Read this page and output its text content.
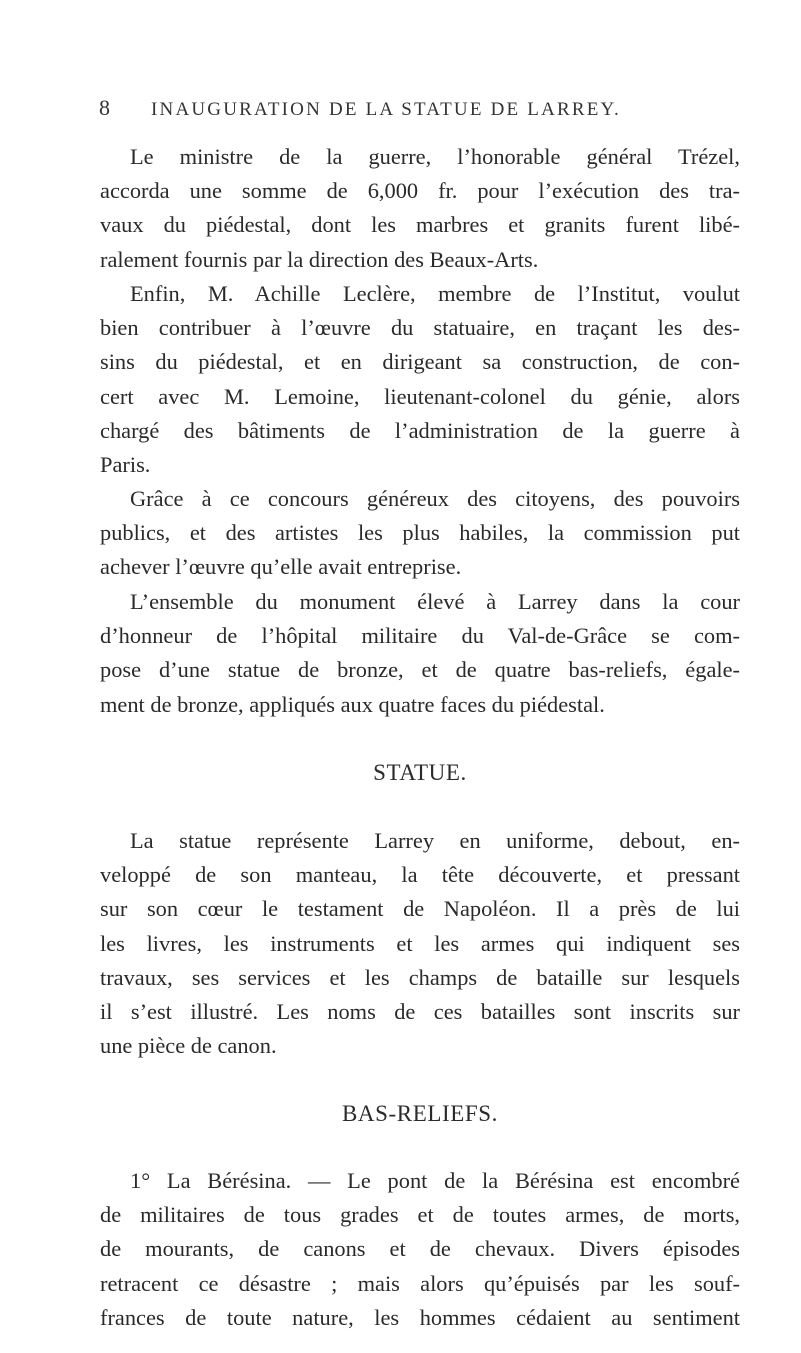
8 INAUGURATION DE LA STATUE DE LARREY.
Le ministre de la guerre, l’honorable général Trézel,
accorda une somme de 6,000 fr. pour l’exécution des tra-
vaux du piédestal, dont les marbres et granits furent libé-
ralement fournis par la direction des Beaux-Arts.
Enfin, M. Achille Leclère, membre de l’Institut, voulut
bien contribuer à l’œuvre du statuaire, en traçant les des-
sins du piédestal, et en dirigeant sa construction, de con-
cert avec M. Lemoine, lieutenant-colonel du génie, alors
chargé des bâtiments de l’administration de la guerre à
Paris.
Grâce à ce concours généreux des citoyens, des pouvoirs
publics, et des artistes les plus habiles, la commission put
achever l’œuvre qu’elle avait entreprise.
L’ensemble du monument élevé à Larrey dans la cour
d’honneur de l’hôpital militaire du Val-de-Grâce se com-
pose d’une statue de bronze, et de quatre bas-reliefs, égale-
ment de bronze, appliqués aux quatre faces du piédestal.
STATUE.
La statue représente Larrey en uniforme, debout, en-
veloppé de son manteau, la tête découverte, et pressant
sur son cœur le testament de Napoléon. Il a près de lui
les livres, les instruments et les armes qui indiquent ses
travaux, ses services et les champs de bataille sur lesquels
il s’est illustré. Les noms de ces batailles sont inscrits sur
une pièce de canon.
BAS-RELIEFS.
1° La Bérésina. — Le pont de la Bérésina est encombré
de militaires de tous grades et de toutes armes, de morts,
de mourants, de canons et de chevaux. Divers épisodes
retracent ce désastre ; mais alors qu’épuisés par les souf-
frances de toute nature, les hommes cédaient au sentiment
